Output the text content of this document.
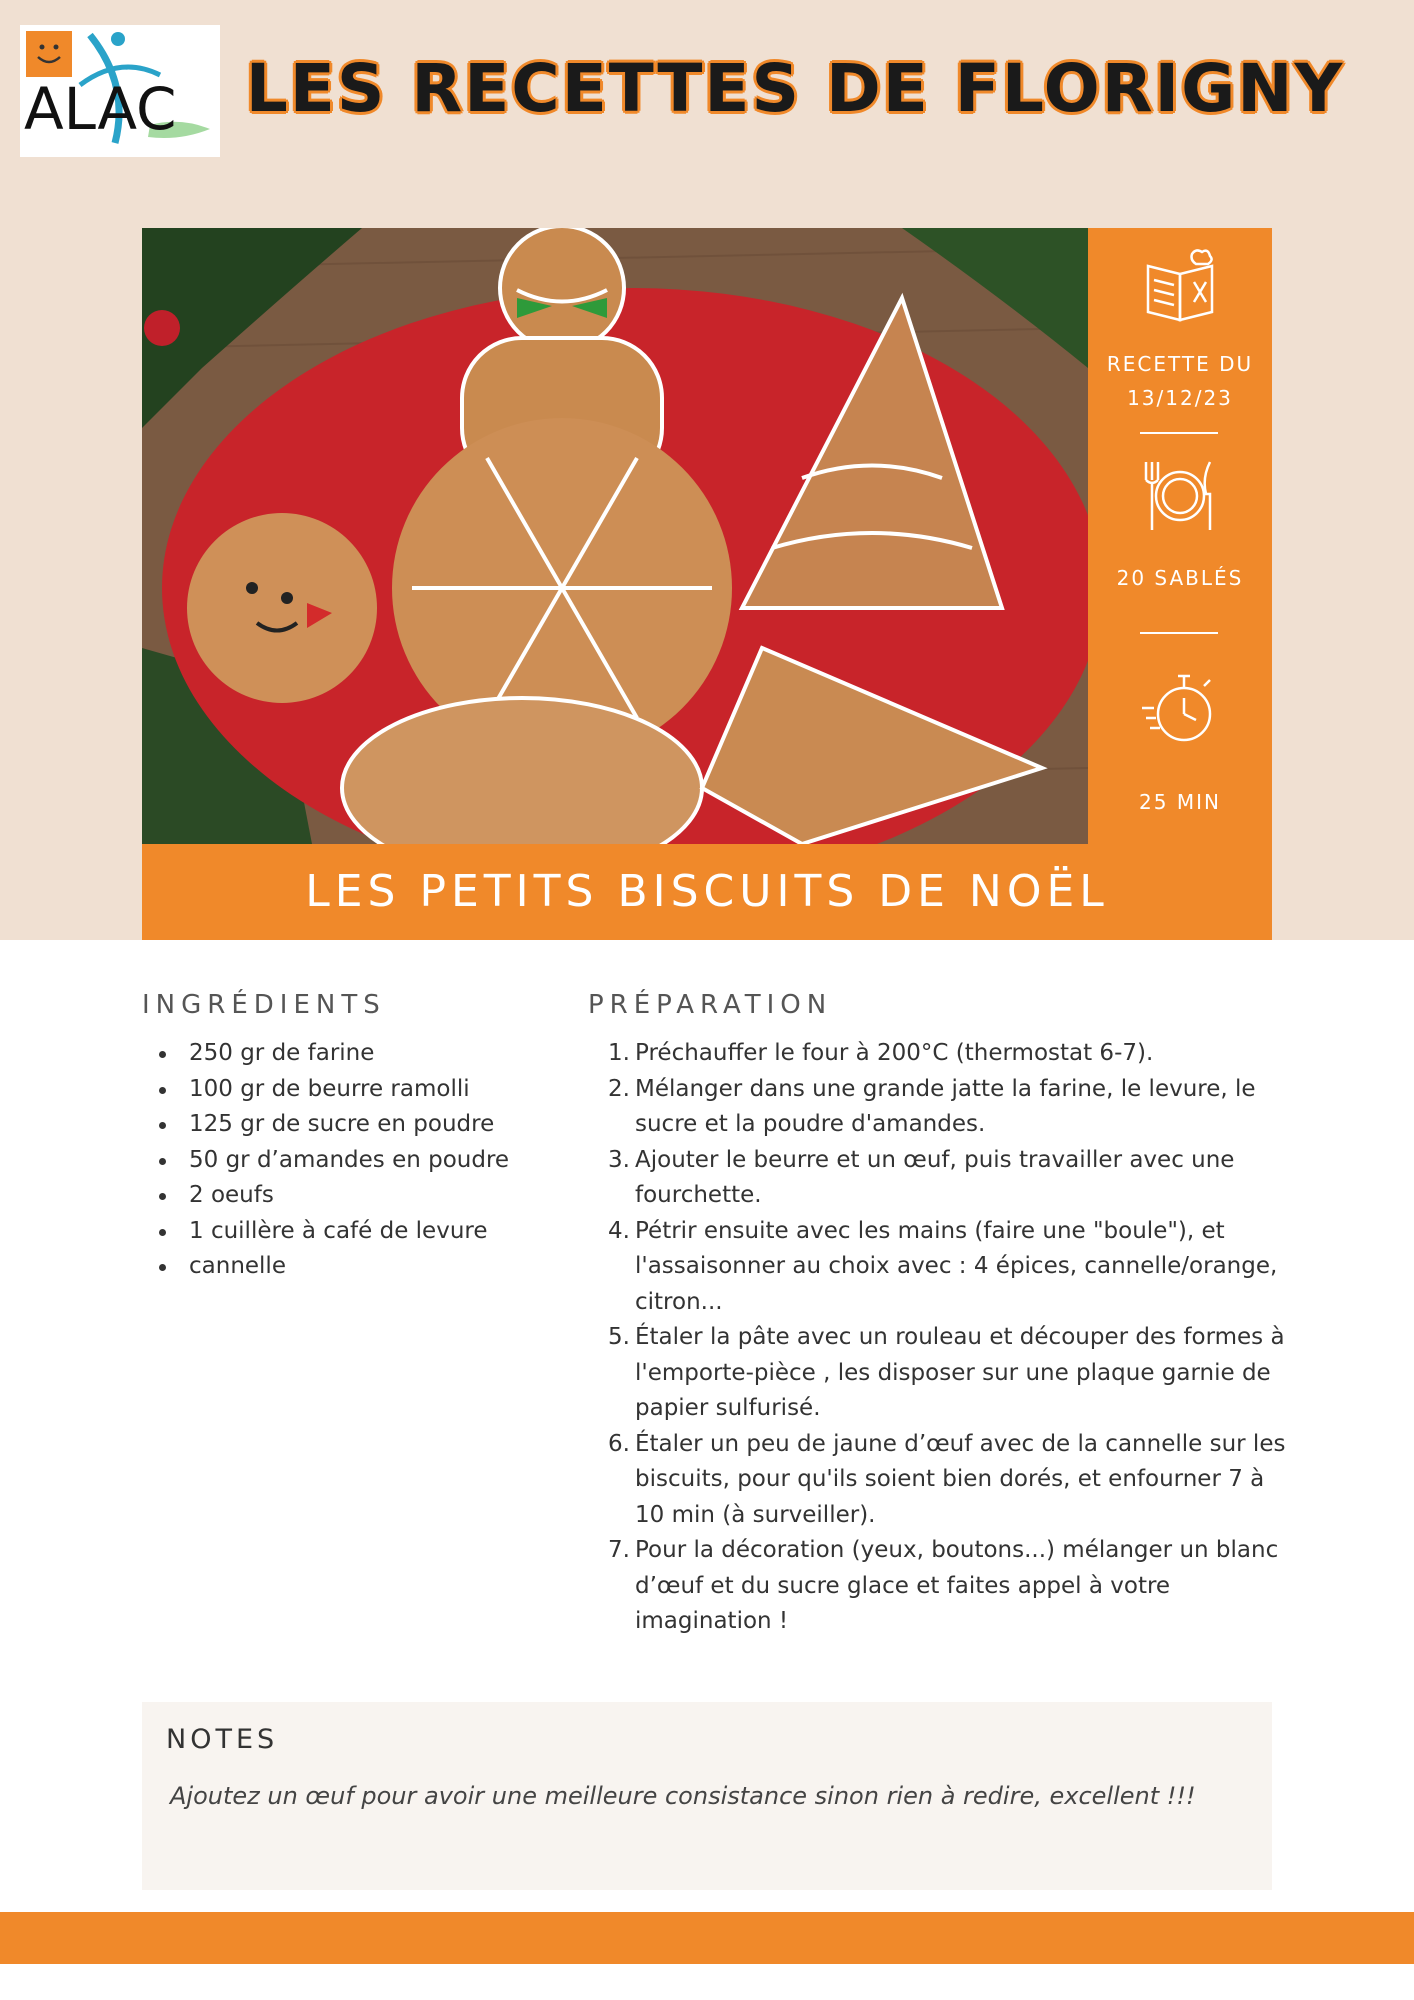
ALAC LES RECETTES DE FLORIGNY
RECETTE DU
13/12/23
20 SABLÉS
25 MIN
LES PETITS BISCUITS DE NOËL
INGRÉDIENTS
250 gr de farine
100 gr de beurre ramolli
125 gr de sucre en poudre
50 gr d’amandes en poudre
2 oeufs
1 cuillère à café de levure
cannelle
PRÉPARATION
1. Préchauffer le four à 200°C (thermostat 6-7).
2. Mélanger dans une grande jatte la farine, le levure, le sucre et la poudre d'amandes.
3. Ajouter le beurre et un œuf, puis travailler avec une fourchette.
4. Pétrir ensuite avec les mains (faire une "boule"), et l'assaisonner au choix avec : 4 épices, cannelle/orange, citron...
5. Étaler la pâte avec un rouleau et découper des formes à l'emporte-pièce , les disposer sur une plaque garnie de papier sulfurisé.
6. Étaler un peu de jaune d’œuf avec de la cannelle sur les biscuits, pour qu'ils soient bien dorés, et enfourner 7 à 10 min (à surveiller).
7. Pour la décoration (yeux, boutons...) mélanger un blanc d’œuf et du sucre glace et faites appel à votre imagination !
NOTES
Ajoutez un œuf pour avoir une meilleure consistance sinon rien à redire, excellent !!!
